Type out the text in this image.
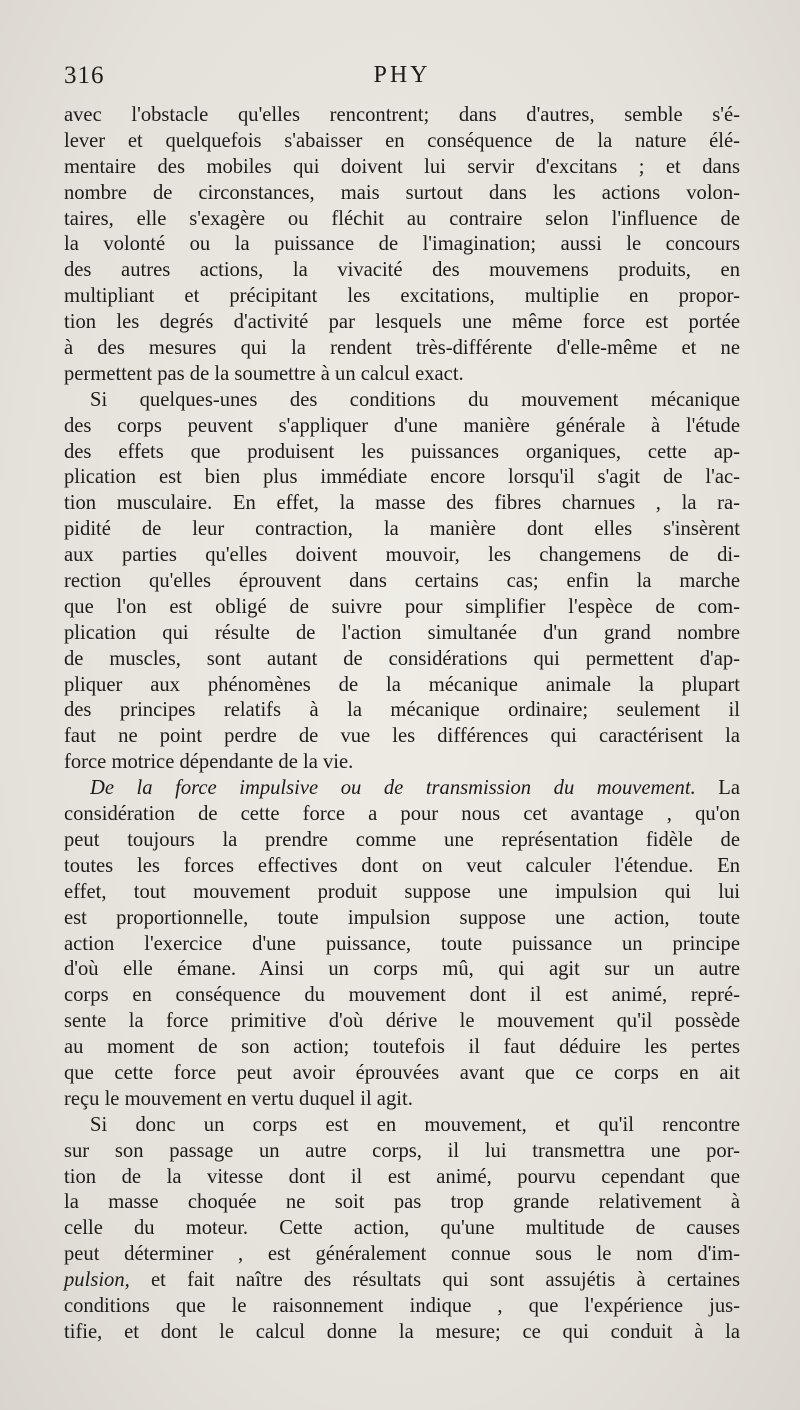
316	PHY
avec l'obstacle qu'elles rencontrent; dans d'autres, semble s'é-
lever et quelquefois s'abaisser en conséquence de la nature élé-
mentaire des mobiles qui doivent lui servir d'excitans ; et dans
nombre de circonstances, mais surtout dans les actions volon-
taires, elle s'exagère ou fléchit au contraire selon l'influence de
la volonté ou la puissance de l'imagination; aussi le concours
des autres actions, la vivacité des mouvemens produits, en
multipliant et précipitant les excitations, multiplie en propor-
tion les degrés d'activité par lesquels une même force est portée
à des mesures qui la rendent très-différente d'elle-même et ne
permettent pas de la soumettre à un calcul exact.
Si quelques-unes des conditions du mouvement mécanique
des corps peuvent s'appliquer d'une manière générale à l'étude
des effets que produisent les puissances organiques, cette ap-
plication est bien plus immédiate encore lorsqu'il s'agit de l'ac-
tion musculaire. En effet, la masse des fibres charnues , la ra-
pidité de leur contraction, la manière dont elles s'insèrent
aux parties qu'elles doivent mouvoir, les changemens de di-
rection qu'elles éprouvent dans certains cas; enfin la marche
que l'on est obligé de suivre pour simplifier l'espèce de com-
plication qui résulte de l'action simultanée d'un grand nombre
de muscles, sont autant de considérations qui permettent d'ap-
pliquer aux phénomènes de la mécanique animale la plupart
des principes relatifs à la mécanique ordinaire; seulement il
faut ne point perdre de vue les différences qui caractérisent la
force motrice dépendante de la vie.
De la force impulsive ou de transmission du mouvement. La
considération de cette force a pour nous cet avantage , qu'on
peut toujours la prendre comme une représentation fidèle de
toutes les forces effectives dont on veut calculer l'étendue. En
effet, tout mouvement produit suppose une impulsion qui lui
est proportionnelle, toute impulsion suppose une action, toute
action l'exercice d'une puissance, toute puissance un principe
d'où elle émane. Ainsi un corps mû, qui agit sur un autre
corps en conséquence du mouvement dont il est animé, repré-
sente la force primitive d'où dérive le mouvement qu'il possède
au moment de son action; toutefois il faut déduire les pertes
que cette force peut avoir éprouvées avant que ce corps en ait
reçu le mouvement en vertu duquel il agit.
Si donc un corps est en mouvement, et qu'il rencontre
sur son passage un autre corps, il lui transmettra une por-
tion de la vitesse dont il est animé, pourvu cependant que
la masse choquée ne soit pas trop grande relativement à
celle du moteur. Cette action, qu'une multitude de causes
peut déterminer , est généralement connue sous le nom d'im-
pulsion, et fait naître des résultats qui sont assujétis à certaines
conditions que le raisonnement indique , que l'expérience jus-
tifie, et dont le calcul donne la mesure; ce qui conduit à la
